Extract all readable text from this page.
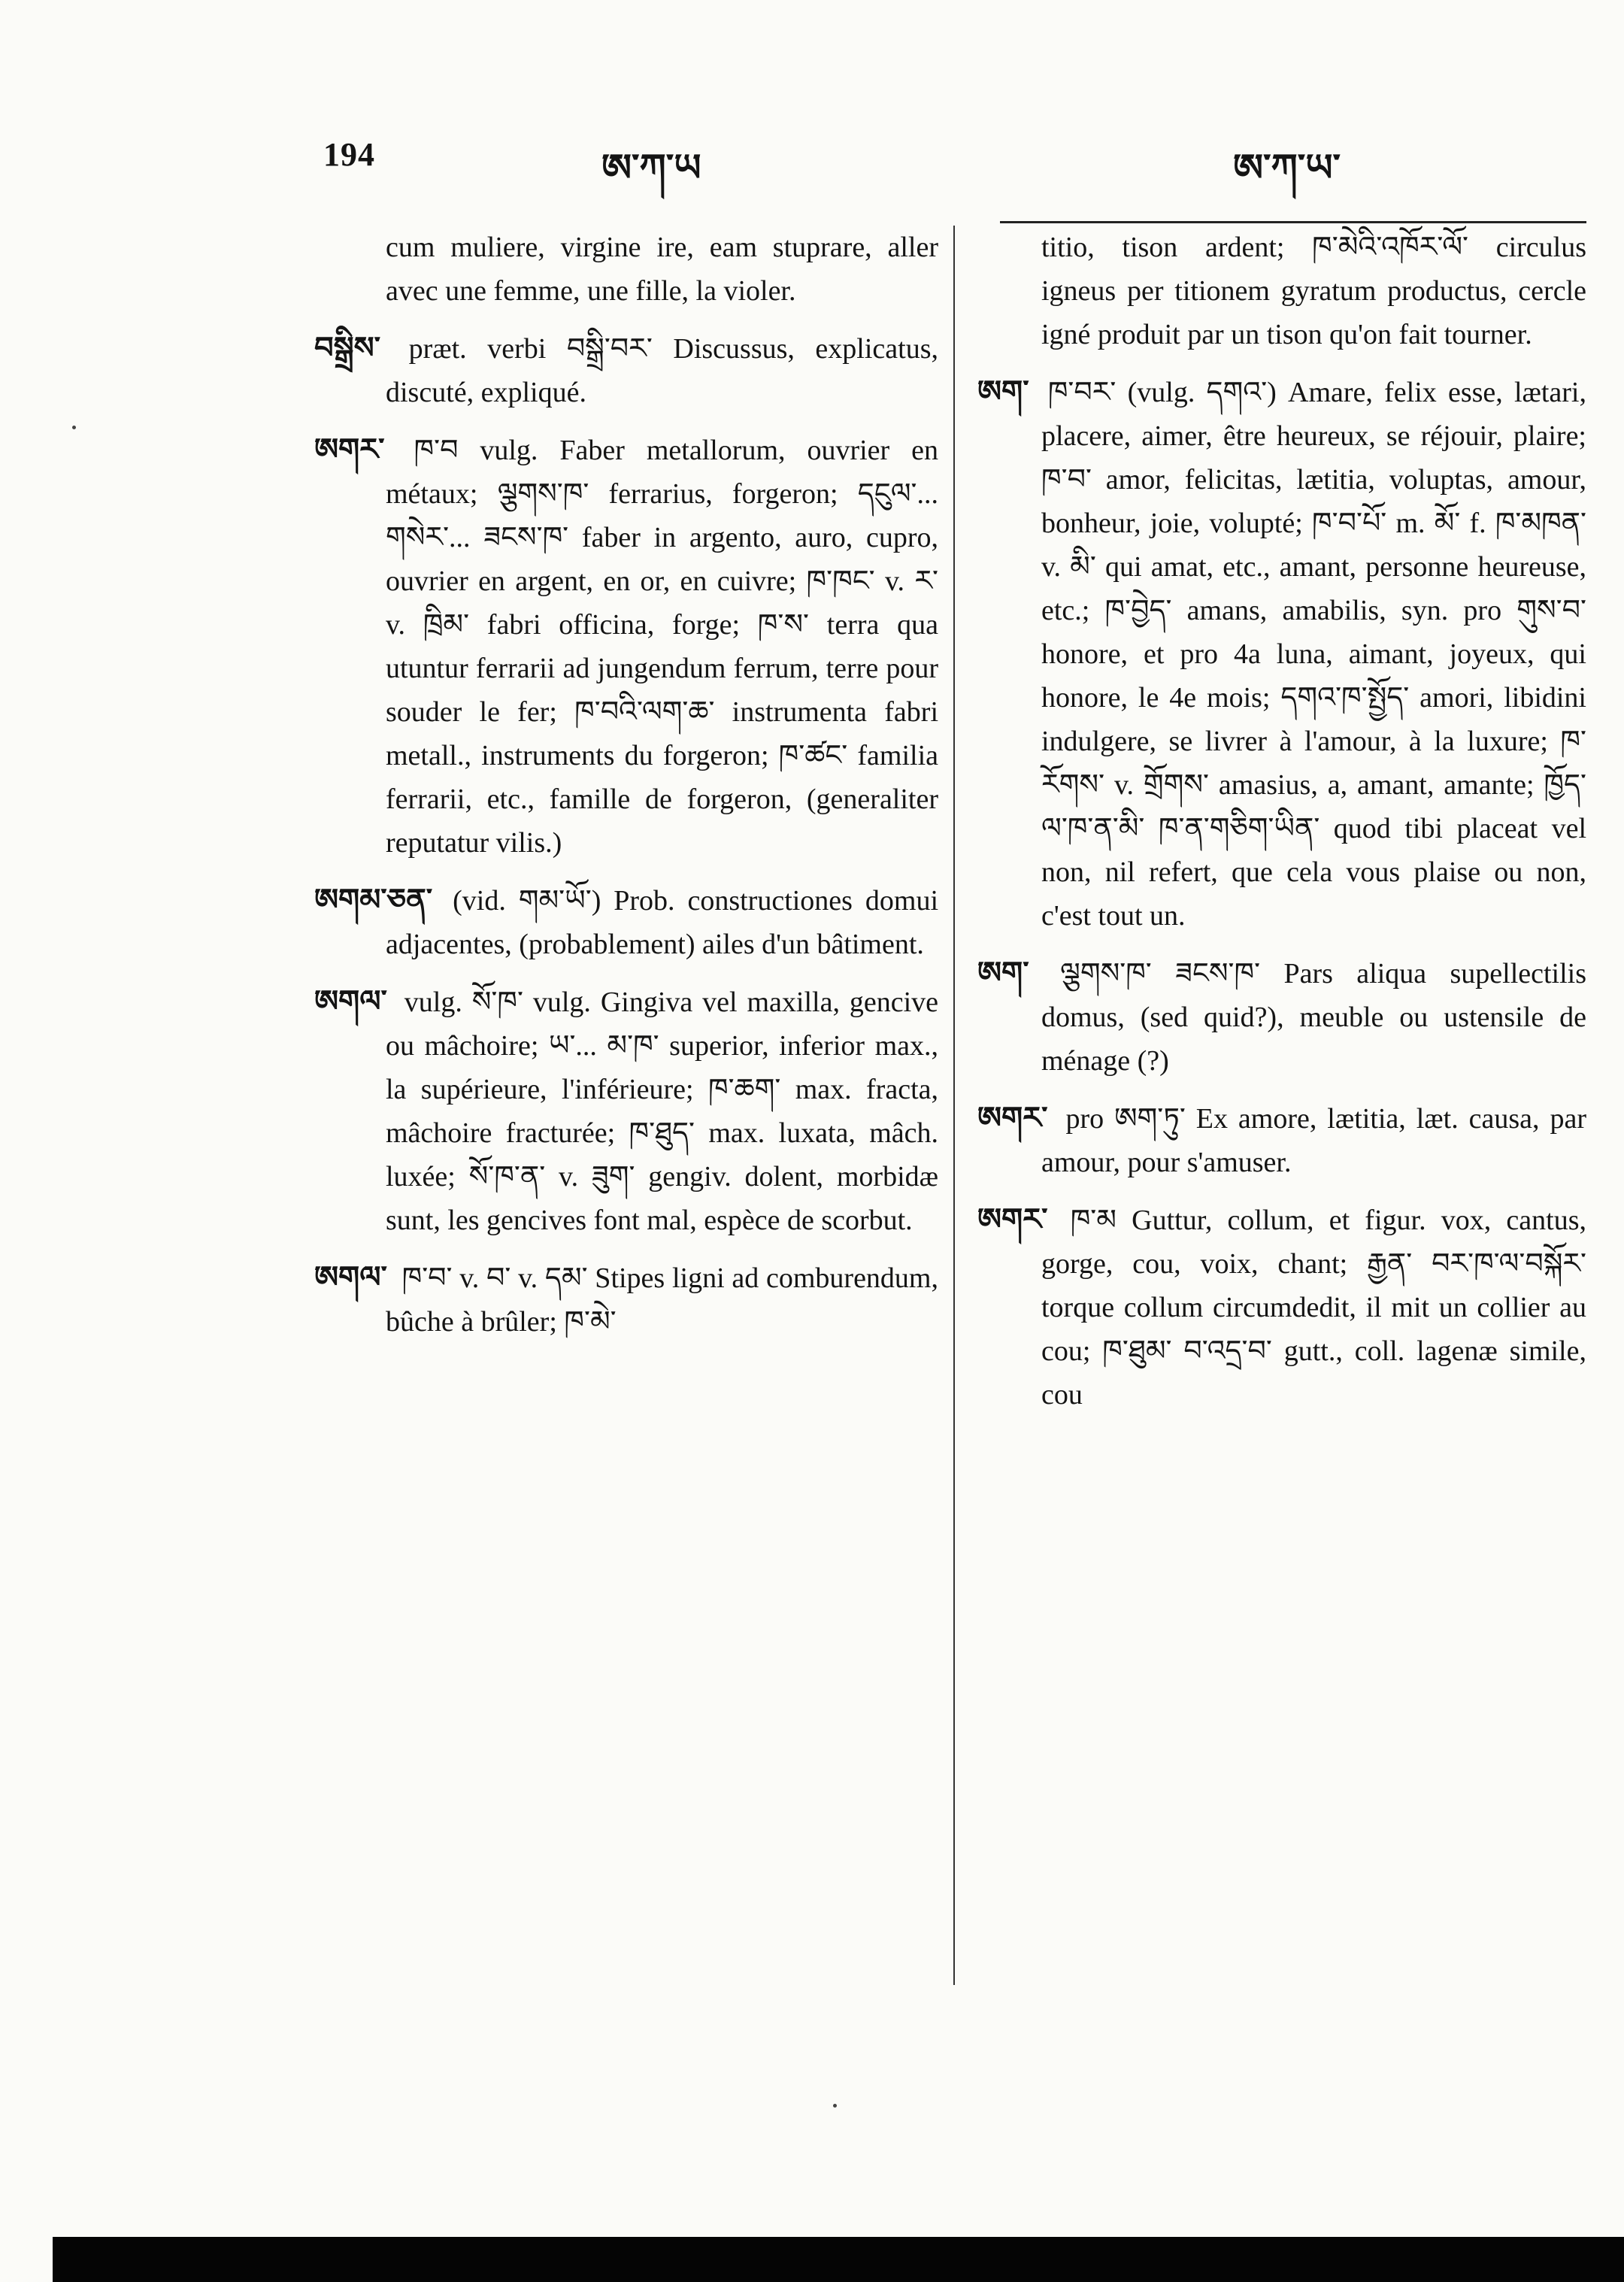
194	ཨ་ཀ་ཡ	ཨ་ཀ་ཡ་

cum muliere, virgine ire, eam stuprare, aller avec une femme, une fille, la violer.

བསྒྲིས་ præt. verbi བསྒྲི་བར་ Discussus, explicatus, discuté, expliqué.

ཨགར་ ཁ་བ vulg. Faber metallorum, ouvrier en métaux; ལྕགས་ཁ་ ferrarius, forgeron; དངུལ་... གསེར་... ཟངས་ཁ་ faber in argento, auro, cupro, ouvrier en argent, en or, en cuivre; ཁ་ཁང་ v. ར་ v. ཁྲིམ་ fabri officina, forge; ཁ་ས་ terra qua utuntur ferrarii ad jungendum ferrum, terre pour souder le fer; ཁ་བའི་ལག་ཆ་ instrumenta fabri metall., instruments du forgeron; ཁ་ཚང་ familia ferrarii, etc., famille de forgeron, (generaliter reputatur vilis.)

ཨགམ་ཅན་ (vid. གམ་ཡོ་) Prob. constructiones domui adjacentes, (probablement) ailes d'un bâtiment.

ཨགལ་ vulg. སོ་ཁ་ vulg. Gingiva vel maxilla, gencive ou mâchoire; ཡ་... མ་ཁ་ superior, inferior max., la supérieure, l'inférieure; ཁ་ཆག་ max. fracta, mâchoire fracturée; ཁ་ཐུད་ max. luxata, mâch. luxée; སོ་ཁ་ན་ v. ཟུག་ gengiv. dolent, morbidæ sunt, les gencives font mal, espèce de scorbut.

ཨགལ་ ཁ་བ་ v. བ་ v. དམ་ Stipes ligni ad comburendum, bûche à brûler; ཁ་མེ་

titio, tison ardent; ཁ་མེའི་འཁོར་ལོ་ circulus igneus per titionem gyratum productus, cercle igné produit par un tison qu'on fait tourner.

ཨག་ ཁ་བར་ (vulg. དགའ་) Amare, felix esse, lætari, placere, aimer, être heureux, se réjouir, plaire; ཁ་བ་ amor, felicitas, lætitia, voluptas, amour, bonheur, joie, volupté; ཁ་བ་པོ་ m. མོ་ f. ཁ་མཁན་ v. མི་ qui amat, etc., amant, personne heureuse, etc.; ཁ་བྱེད་ amans, amabilis, syn. pro གུས་བ་ honore, et pro 4a luna, aimant, joyeux, qui honore, le 4e mois; དགའ་ཁ་སྤྱོད་ amori, libidini indulgere, se livrer à l'amour, à la luxure; ཁ་རོགས་ v. གྲོགས་ amasius, a, amant, amante; ཁྱོད་ལ་ཁ་ན་མི་ ཁ་ན་གཅིག་ཡིན་ quod tibi placeat vel non, nil refert, que cela vous plaise ou non, c'est tout un.

ཨག་ ལྕགས་ཁ་ ཟངས་ཁ་ Pars aliqua supellectilis domus, (sed quid?), meuble ou ustensile de ménage (?)

ཨགར་ pro ཨག་ཏུ་ Ex amore, lætitia, læt. causa, par amour, pour s'amuser.

ཨགར་ ཁ་མ Guttur, collum, et figur. vox, cantus, gorge, cou, voix, chant; རྒྱན་ བར་ཁ་ལ་བསྐོར་ torque collum circumdedit, il mit un collier au cou; ཁ་ཐུམ་ བ་འདྲ་བ་ gutt., coll. lagenæ simile, cou
